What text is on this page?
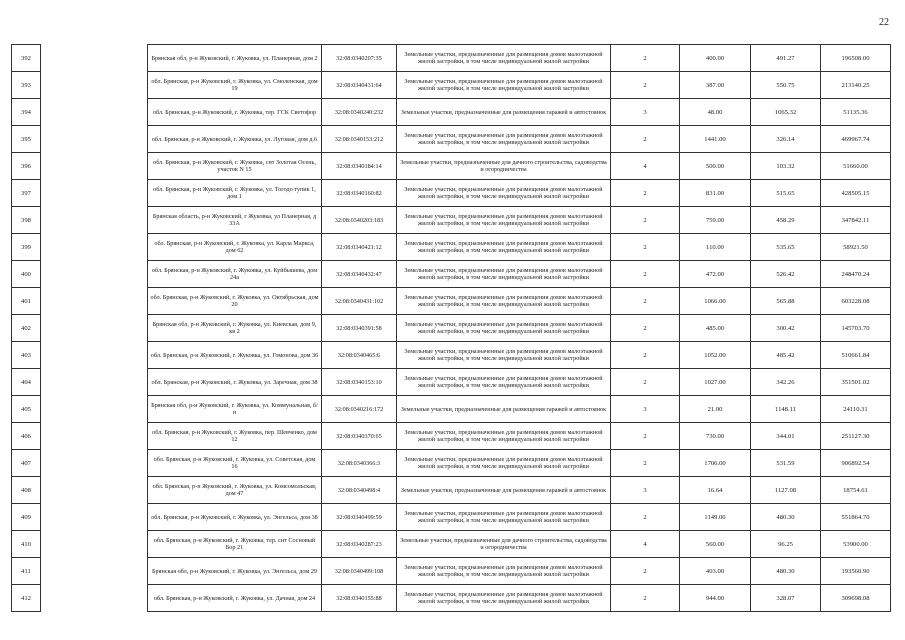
22
392		Брянская обл, р-н Жуковский, г. Жуковка, ул. Планерная, дом 2	32:08:0340207:35	Земельные участки, предназначенные для размещения домов малоэтажной жилой застройки, в том числе индивидуальной жилой застройки	2	400.00	491.27	196508.00
393		обл. Брянская, р-н Жуковский, г. Жуковка, ул. Смоленская, дом 19	32:08:0340431:64	Земельные участки, предназначенные для размещения домов малоэтажной жилой застройки, в том числе индивидуальной жилой застройки	2	387.00	550.75	213140.25
394		обл. Брянская, р-н Жуковский, г. Жуковка, тер. ГСК Светофор	32:08:0340240:232	Земельные участки, предназначенные для размещения гаражей и автостоянок	3	48.00	1065.32	51135.36
395		обл. Брянская, р-н Жуковский, г. Жуковка, ул. Луговая, дом д.6	32:08:0340153:212	Земельные участки, предназначенные для размещения домов малоэтажной жилой застройки, в том числе индивидуальной жилой застройки	2	1441.00	326.14	469967.74
396		обл. Брянская, р-н Жуковский, г. Жуковка, снт Золотая Осень, участок N 15	32:08:0340184:14	Земельные участки, предназначенные для дачного строительства, садоводства и огородничества	4	500.00	103.32	51660.00
397		обл. Брянская, р-н Жуковский, г. Жуковка, ул. Тогодо тупик 1, дом 1	32:08:0340160:82	Земельные участки, предназначенные для размещения домов малоэтажной жилой застройки, в том числе индивидуальной жилой застройки	2	831.00	515.65	428505.15
398		Брянская область, р-н Жуковский, г Жуковка, ул Планерная, д 33А	32:08:0340203:183	Земельные участки, предназначенные для размещения домов малоэтажной жилой застройки, в том числе индивидуальной жилой застройки	2	759.00	458.29	347842.11
399		обл. Брянская, р-н Жуковский, г. Жуковка, ул. Карла Маркса, дом 62	32:08:0340421:12	Земельные участки, предназначенные для размещения домов малоэтажной жилой застройки, в том числе индивидуальной жилой застройки	2	110.00	535.65	58921.50
400		обл. Брянская, р-н Жуковский, г. Жуковка, ул. Куйбышева, дом 24а	32:08:0340432:47	Земельные участки, предназначенные для размещения домов малоэтажной жилой застройки, в том числе индивидуальной жилой застройки	2	472.00	526.42	248470.24
401		обл. Брянская, р-н Жуковский, г. Жуковка, ул. Октябрьская, дом 20	32:08:0340431:102	Земельные участки, предназначенные для размещения домов малоэтажной жилой застройки, в том числе индивидуальной жилой застройки	2	1066.00	565.88	603228.08
402		Брянская обл, р-н Жуковский, г. Жуковка, ул. Киевская, дом 9, кв 2	32:08:0340391:58	Земельные участки, предназначенные для размещения домов малоэтажной жилой застройки, в том числе индивидуальной жилой застройки	2	485.00	300.42	145703.70
403		обл. Брянская, р-н Жуковский, г. Жуковка, ул. Гомонова, дом 36	32:08:0340465:6	Земельные участки, предназначенные для размещения домов малоэтажной жилой застройки, в том числе индивидуальной жилой застройки	2	1052.00	485.42	510661.84
404		обл. Брянская, р-н Жуковский, г. Жуковка, ул. Заречная, дом 38	32:08:0340153:10	Земельные участки, предназначенные для размещения домов малоэтажной жилой застройки, в том числе индивидуальной жилой застройки	2	1027.00	342.26	351501.02
405		Брянская обл, р-н Жуковский, г. Жуковка, ул. Коммунальная, б/н	32:08:0340216:172	Земельные участки, предназначенные для размещения гаражей и автостоянок	3	21.00	1148.11	24110.31
406		обл. Брянская, р-н Жуковский, г. Жуковка, пер. Шевченко, дом 12	32:08:0340370:65	Земельные участки, предназначенные для размещения домов малоэтажной жилой застройки, в том числе индивидуальной жилой застройки	2	730.00	344.01	251127.30
407		обл. Брянская, р-н Жуковский, г. Жуковка, ул. Советская, дом 16	32:08:0340366:3	Земельные участки, предназначенные для размещения домов малоэтажной жилой застройки, в том числе индивидуальной жилой застройки	2	1706.00	531.59	906892.54
408		обл. Брянская, р-н Жуковский, г. Жуковка, ул. Комсомольская, дом 47	32:08:0340498:4	Земельные участки, предназначенные для размещения гаражей и автостоянок	3	16.64	1127.08	18754.61
409		обл. Брянская, р-н Жуковский, г. Жуковка, ул. Энгельса, дом 38	32:08:0340499:59	Земельные участки, предназначенные для размещения домов малоэтажной жилой застройки, в том числе индивидуальной жилой застройки	2	1149.00	480.30	551864.70
410		обл. Брянская, р-н Жуковский, г. Жуковка, тер. снт Сосновый Бор 21	32:08:0340287:23	Земельные участки, предназначенные для дачного строительства, садоводства и огородничества	4	560.00	96.25	53900.00
411		Брянская обл, р-н Жуковский, г. Жуковка, ул. Энгельса, дом 29	32:08:0340499:108	Земельные участки, предназначенные для размещения домов малоэтажной жилой застройки, в том числе индивидуальной жилой застройки	2	403.00	480.30	193560.90
412		обл. Брянская, р-н Жуковский, г. Жуковка, ул. Дачная, дом 24	32:08:0340155:88	Земельные участки, предназначенные для размещения домов малоэтажной жилой застройки, в том числе индивидуальной жилой застройки	2	944.00	328.07	309698.08
